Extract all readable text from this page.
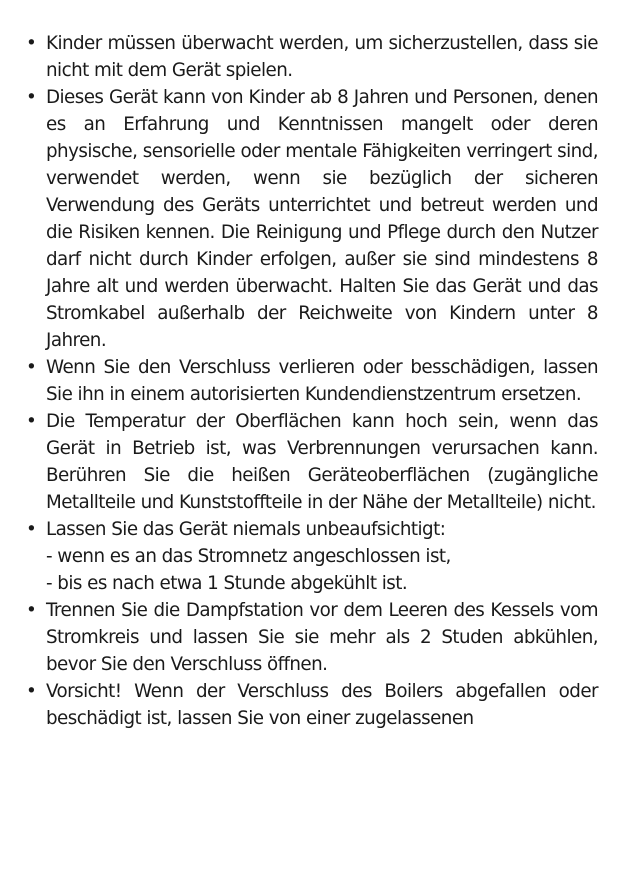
• Kinder müssen überwacht werden, um sicherzustellen, dass sie nicht mit dem Gerät spielen.
• Dieses Gerät kann von Kinder ab 8 Jahren und Personen, denen es an Erfahrung und Kenntnissen mangelt oder deren physische, sensorielle oder mentale Fähigkeiten verringert sind, verwendet werden, wenn sie bezüglich der sicheren Verwendung des Geräts unterrichtet und betreut werden und die Risiken kennen. Die Reinigung und Pflege durch den Nutzer darf nicht durch Kinder erfolgen, außer sie sind mindestens 8 Jahre alt und werden überwacht. Halten Sie das Gerät und das Stromkabel außerhalb der Reichweite von Kindern unter 8 Jahren.
• Wenn Sie den Verschluss verlieren oder besschädigen, lassen Sie ihn in einem autorisierten Kundendienstzentrum ersetzen.
• Die Temperatur der Oberflächen kann hoch sein, wenn das Gerät in Betrieb ist, was Verbrennungen verursachen kann. Berühren Sie die heißen Geräteoberflächen (zugängliche Metallteile und Kunststoffteile in der Nähe der Metallteile) nicht.
• Lassen Sie das Gerät niemals unbeaufsichtigt:
- wenn es an das Stromnetz angeschlossen ist,
- bis es nach etwa 1 Stunde abgekühlt ist.
• Trennen Sie die Dampfstation vor dem Leeren des Kessels vom Stromkreis und lassen Sie sie mehr als 2 Studen abkühlen, bevor Sie den Verschluss öffnen.
• Vorsicht! Wenn der Verschluss des Boilers abgefallen oder beschädigt ist, lassen Sie von einer zugelassenen
